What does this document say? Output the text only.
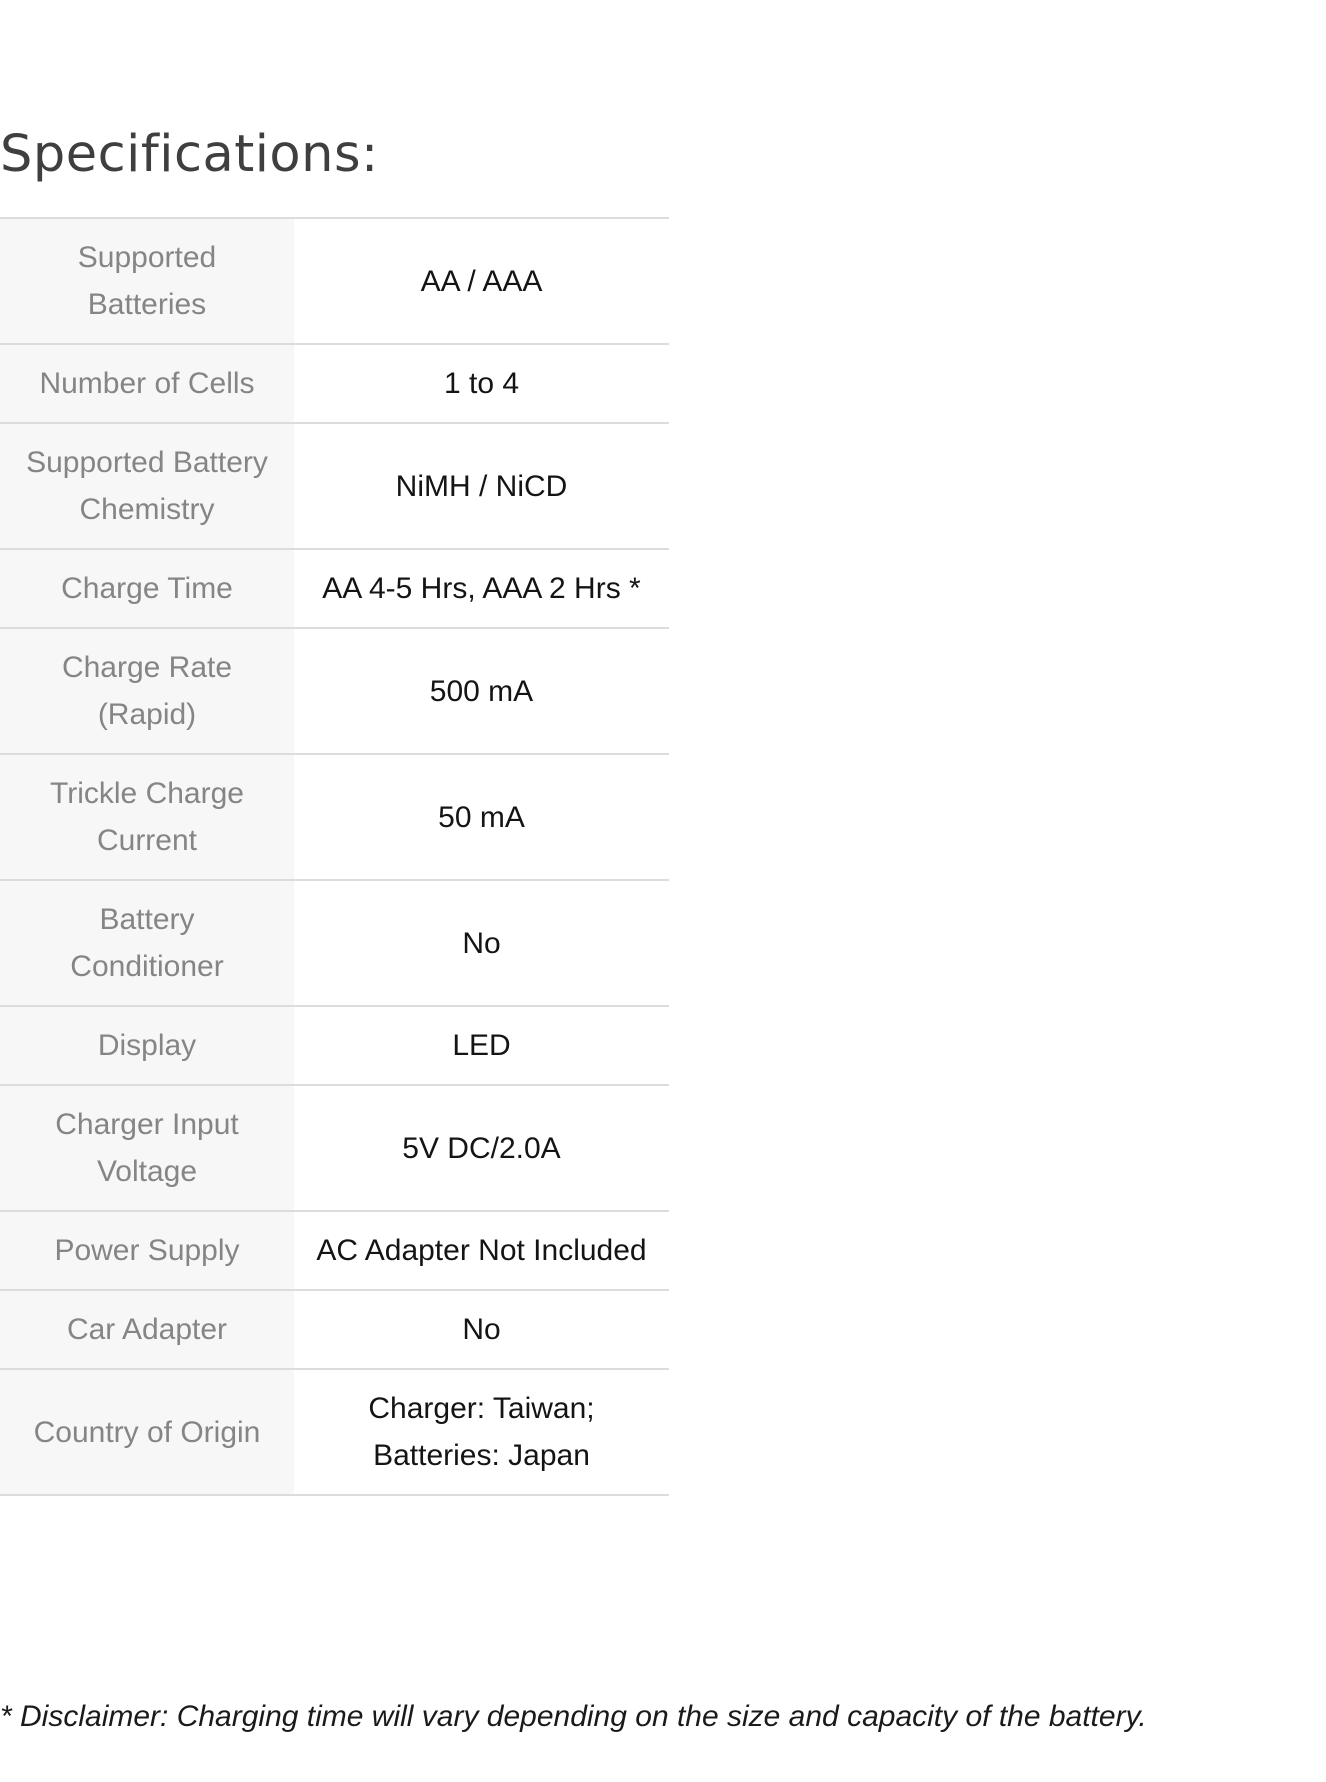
Specifications:
Supported Batteries	AA / AAA
Number of Cells	1 to 4
Supported Battery Chemistry	NiMH / NiCD
Charge Time	AA 4-5 Hrs, AAA 2 Hrs *
Charge Rate (Rapid)	500 mA
Trickle Charge Current	50 mA
Battery Conditioner	No
Display	LED
Charger Input Voltage	5V DC/2.0A
Power Supply	AC Adapter Not Included
Car Adapter	No
Country of Origin	Charger: Taiwan; Batteries: Japan

* Disclaimer: Charging time will vary depending on the size and capacity of the battery.
